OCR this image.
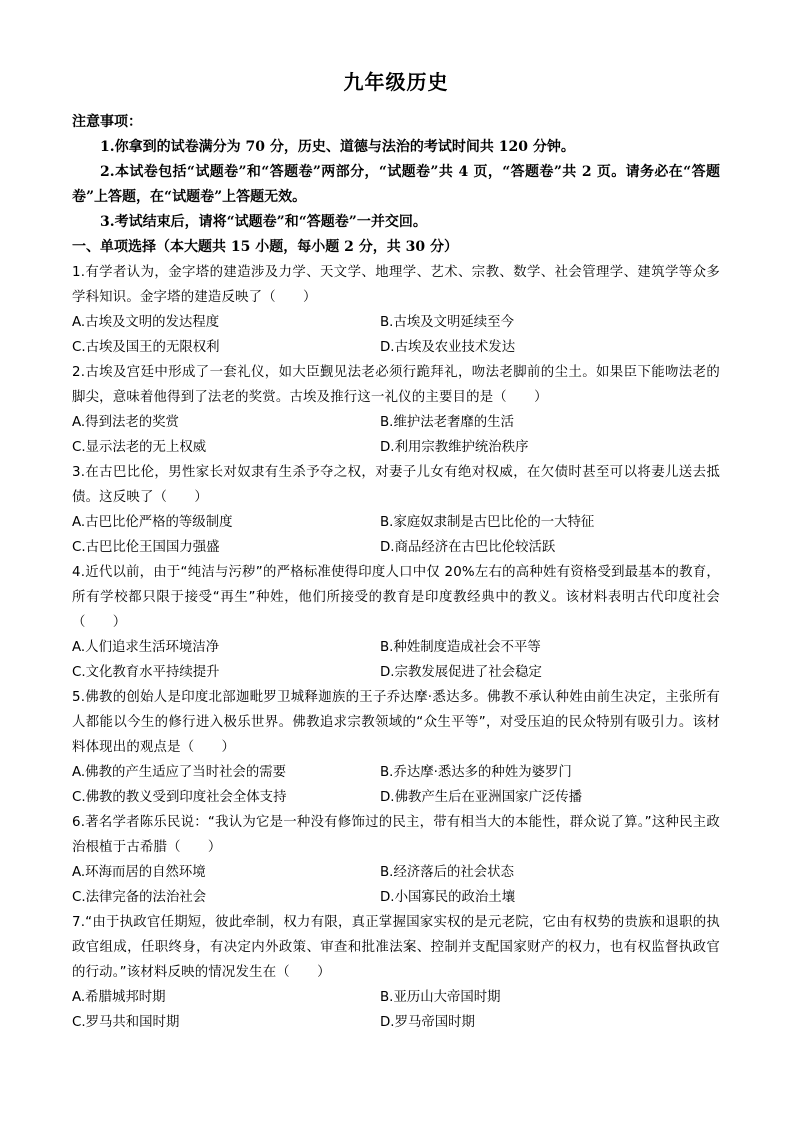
九年级历史
注意事项：
1.你拿到的试卷满分为 70 分，历史、道德与法治的考试时间共 120 分钟。
2.本试卷包括“试题卷”和“答题卷”两部分，“试题卷”共 4 页，“答题卷”共 2 页。请务必在“答题卷”上答题，在“试题卷”上答题无效。
3.考试结束后，请将“试题卷”和“答题卷”一并交回。
一、单项选择（本大题共 15 小题，每小题 2 分，共 30 分）
1.有学者认为，金字塔的建造涉及力学、天文学、地理学、艺术、宗教、数学、社会管理学、建筑学等众多学科知识。金字塔的建造反映了（　　）
A.古埃及文明的发达程度	B.古埃及文明延续至今
C.古埃及国王的无限权利	D.古埃及农业技术发达
2.古埃及宫廷中形成了一套礼仪，如大臣觐见法老必须行跪拜礼，吻法老脚前的尘土。如果臣下能吻法老的脚尖，意味着他得到了法老的奖赏。古埃及推行这一礼仪的主要目的是（　　）
A.得到法老的奖赏	B.维护法老奢靡的生活
C.显示法老的无上权威	D.利用宗教维护统治秩序
3.在古巴比伦，男性家长对奴隶有生杀予夺之权，对妻子儿女有绝对权威，在欠债时甚至可以将妻儿送去抵债。这反映了（　　）
A.古巴比伦严格的等级制度	B.家庭奴隶制是古巴比伦的一大特征
C.古巴比伦王国国力强盛	D.商品经济在古巴比伦较活跃
4.近代以前，由于“纯洁与污秽”的严格标准使得印度人口中仅 20%左右的高种姓有资格受到最基本的教育，所有学校都只限于接受“再生”种姓，他们所接受的教育是印度教经典中的教义。该材料表明古代印度社会（　　）
A.人们追求生活环境洁净	B.种姓制度造成社会不平等
C.文化教育水平持续提升	D.宗教发展促进了社会稳定
5.佛教的创始人是印度北部迦毗罗卫城释迦族的王子乔达摩·悉达多。佛教不承认种姓由前生决定，主张所有人都能以今生的修行进入极乐世界。佛教追求宗教领域的“众生平等”，对受压迫的民众特别有吸引力。该材料体现出的观点是（　　）
A.佛教的产生适应了当时社会的需要	B.乔达摩·悉达多的种姓为婆罗门
C.佛教的教义受到印度社会全体支持	D.佛教产生后在亚洲国家广泛传播
6.著名学者陈乐民说：“我认为它是一种没有修饰过的民主，带有相当大的本能性，群众说了算。”这种民主政治根植于古希腊（　　）
A.环海而居的自然环境	B.经济落后的社会状态
C.法律完备的法治社会	D.小国寡民的政治土壤
7.“由于执政官任期短，彼此牵制，权力有限，真正掌握国家实权的是元老院，它由有权势的贵族和退职的执政官组成，任职终身，有决定内外政策、审查和批准法案、控制并支配国家财产的权力，也有权监督执政官的行动。”该材料反映的情况发生在（　　）
A.希腊城邦时期	B.亚历山大帝国时期
C.罗马共和国时期	D.罗马帝国时期
